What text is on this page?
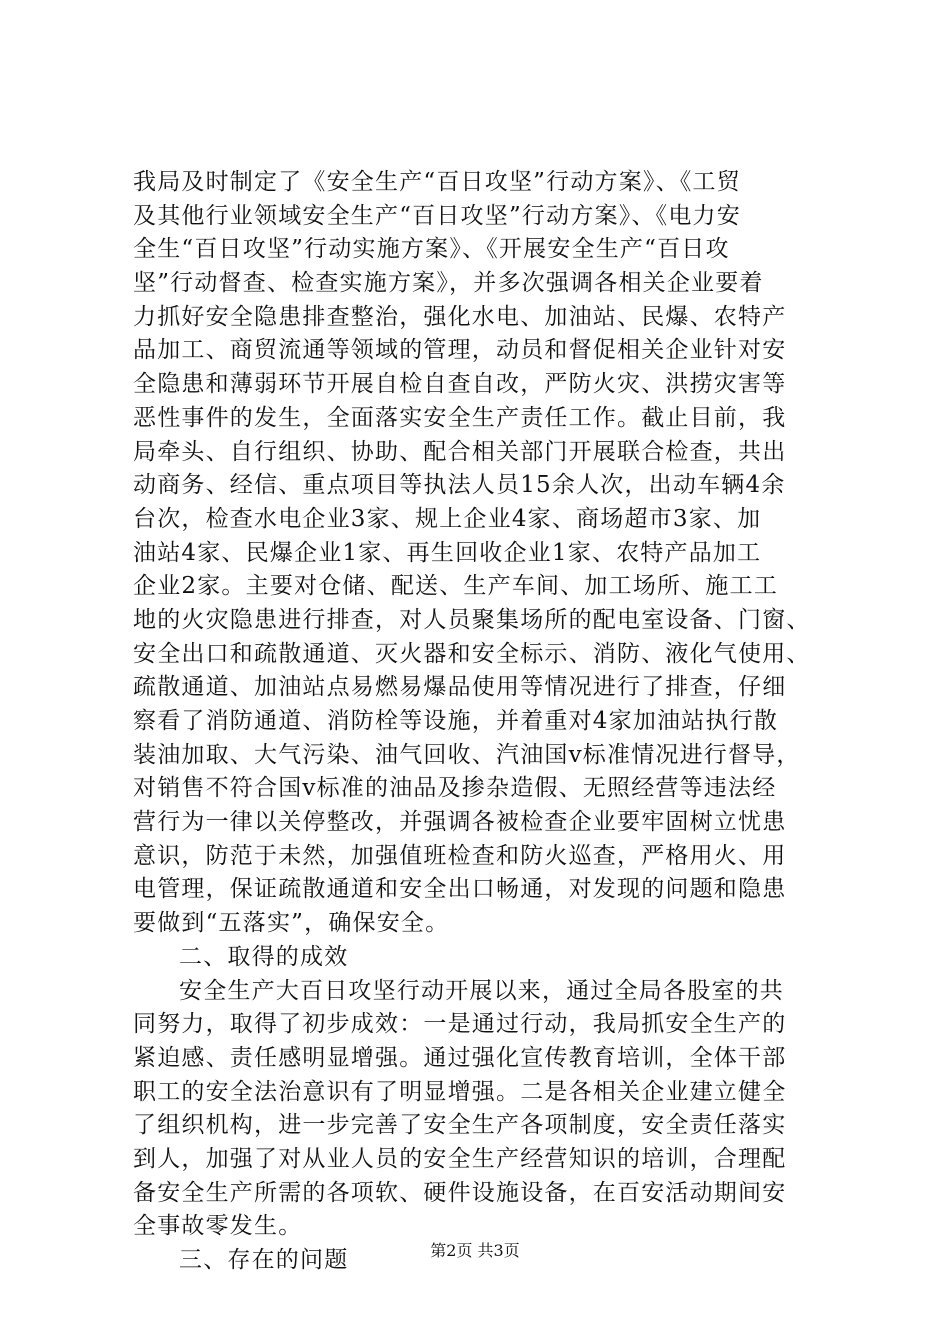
我局及时制定了《安全生产“百日攻坚”行动方案》、《工贸
及其他行业领域安全生产“百日攻坚”行动方案》、《电力安
全生“百日攻坚”行动实施方案》、《开展安全生产“百日攻
坚”行动督查、检查实施方案》，并多次强调各相关企业要着
力抓好安全隐患排查整治，强化水电、加油站、民爆、农特产
品加工、商贸流通等领域的管理，动员和督促相关企业针对安
全隐患和薄弱环节开展自检自查自改，严防火灾、洪捞灾害等
恶性事件的发生，全面落实安全生产责任工作。截止目前，我
局牵头、自行组织、协助、配合相关部门开展联合检查，共出
动商务、经信、重点项目等执法人员15余人次，出动车辆4余
台次，检查水电企业3家、规上企业4家、商场超市3家、加
油站4家、民爆企业1家、再生回收企业1家、农特产品加工
企业2家。主要对仓储、配送、生产车间、加工场所、施工工
地的火灾隐患进行排查，对人员聚集场所的配电室设备、门窗、
安全出口和疏散通道、灭火器和安全标示、消防、液化气使用、
疏散通道、加油站点易燃易爆品使用等情况进行了排查，仔细
察看了消防通道、消防栓等设施，并着重对4家加油站执行散
装油加取、大气污染、油气回收、汽油国ⅴ标准情况进行督导，
对销售不符合国ⅴ标准的油品及掺杂造假、无照经营等违法经
营行为一律以关停整改，并强调各被检查企业要牢固树立忧患
意识，防范于未然，加强值班检查和防火巡查，严格用火、用
电管理，保证疏散通道和安全出口畅通，对发现的问题和隐患
要做到“五落实”，确保安全。
二、取得的成效
安全生产大百日攻坚行动开展以来，通过全局各股室的共
同努力，取得了初步成效：一是通过行动，我局抓安全生产的
紧迫感、责任感明显增强。通过强化宣传教育培训，全体干部
职工的安全法治意识有了明显增强。二是各相关企业建立健全
了组织机构，进一步完善了安全生产各项制度，安全责任落实
到人，加强了对从业人员的安全生产经营知识的培训，合理配
备安全生产所需的各项软、硬件设施设备，在百安活动期间安
全事故零发生。
三、存在的问题	第2页 共3页
